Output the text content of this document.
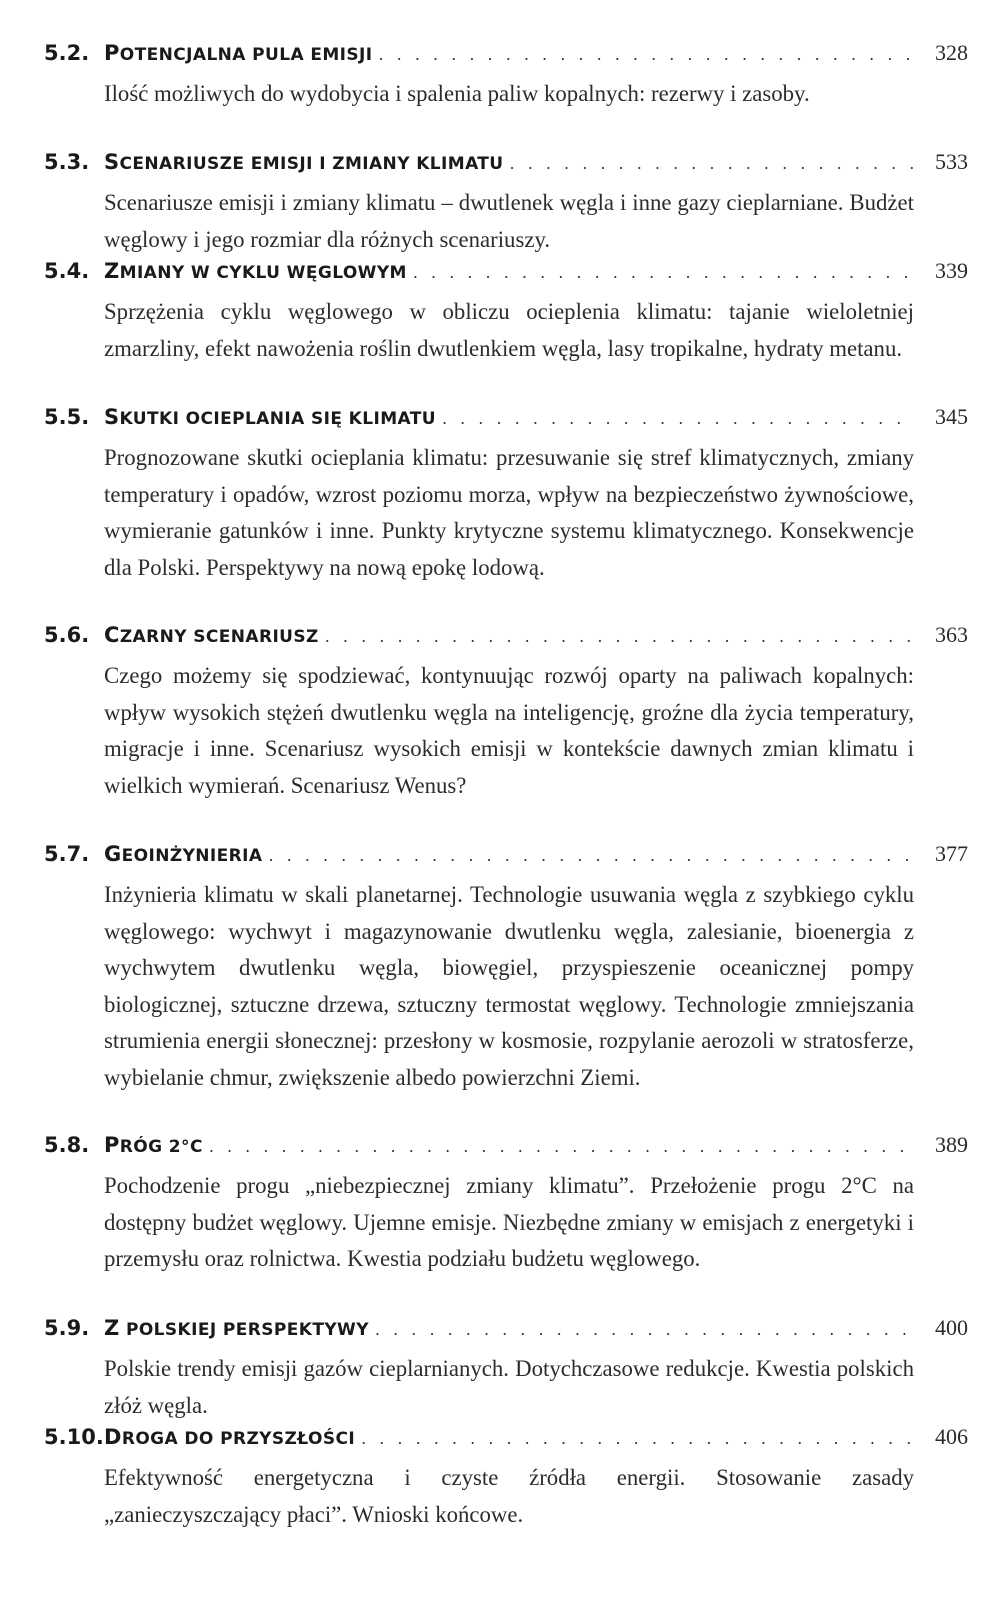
5.2. POTENCJALNA PULA EMISJI . . .	328

Ilość możliwych do wydobycia i spalenia paliw kopalnych: rezerwy i zasoby.

5.3. SCENARIUSZE EMISJI I ZMIANY KLIMATU . . .	533

Scenariusze emisji i zmiany klimatu – dwutlenek węgla i inne gazy cieplarniane. Budżet węglowy i jego rozmiar dla różnych scenariuszy.

5.4. ZMIANY W CYKLU WĘGLOWYM . . .	339

Sprzężenia cyklu węglowego w obliczu ocieplenia klimatu: tajanie wieloletniej zmarzliny, efekt nawożenia roślin dwutlenkiem węgla, lasy tropikalne, hydraty metanu.

5.5. SKUTKI OCIEPLANIA SIĘ KLIMATU . . .	345

Prognozowane skutki ocieplania klimatu: przesuwanie się stref klimatycznych, zmiany temperatury i opadów, wzrost poziomu morza, wpływ na bezpieczeństwo żywnościowe, wymieranie gatunków i inne. Punkty krytyczne systemu klimatycznego. Konsekwencje dla Polski. Perspektywy na nową epokę lodową.

5.6. CZARNY SCENARIUSZ . . .	363

Czego możemy się spodziewać, kontynuując rozwój oparty na paliwach kopalnych: wpływ wysokich stężeń dwutlenku węgla na inteligencję, groźne dla życia temperatury, migracje i inne. Scenariusz wysokich emisji w kontekście dawnych zmian klimatu i wielkich wymierań. Scenariusz Wenus?

5.7. GEOINŻYNIERIA . . .	377

Inżynieria klimatu w skali planetarnej. Technologie usuwania węgla z szybkiego cyklu węglowego: wychwyt i magazynowanie dwutlenku węgla, zalesianie, bioenergia z wychwytem dwutlenku węgla, biowęgiel, przyspieszenie oceanicznej pompy biologicznej, sztuczne drzewa, sztuczny termostat węglowy. Technologie zmniejszania strumienia energii słonecznej: przesłony w kosmosie, rozpylanie aerozoli w stratosferze, wybielanie chmur, zwiększenie albedo powierzchni Ziemi.

5.8. PRÓG 2°C . . .	389

Pochodzenie progu „niebezpiecznej zmiany klimatu”. Przełożenie progu 2°C na dostępny budżet węglowy. Ujemne emisje. Niezbędne zmiany w emisjach z energetyki i przemysłu oraz rolnictwa. Kwestia podziału budżetu węglowego.

5.9. Z POLSKIEJ PERSPEKTYWY . . .	400

Polskie trendy emisji gazów cieplarnianych. Dotychczasowe redukcje. Kwestia polskich złóż węgla.

5.10. DROGA DO PRZYSZŁOŚCI . . .	406

Efektywność energetyczna i czyste źródła energii. Stosowanie zasady „zanieczyszczający płaci”. Wnioski końcowe.
